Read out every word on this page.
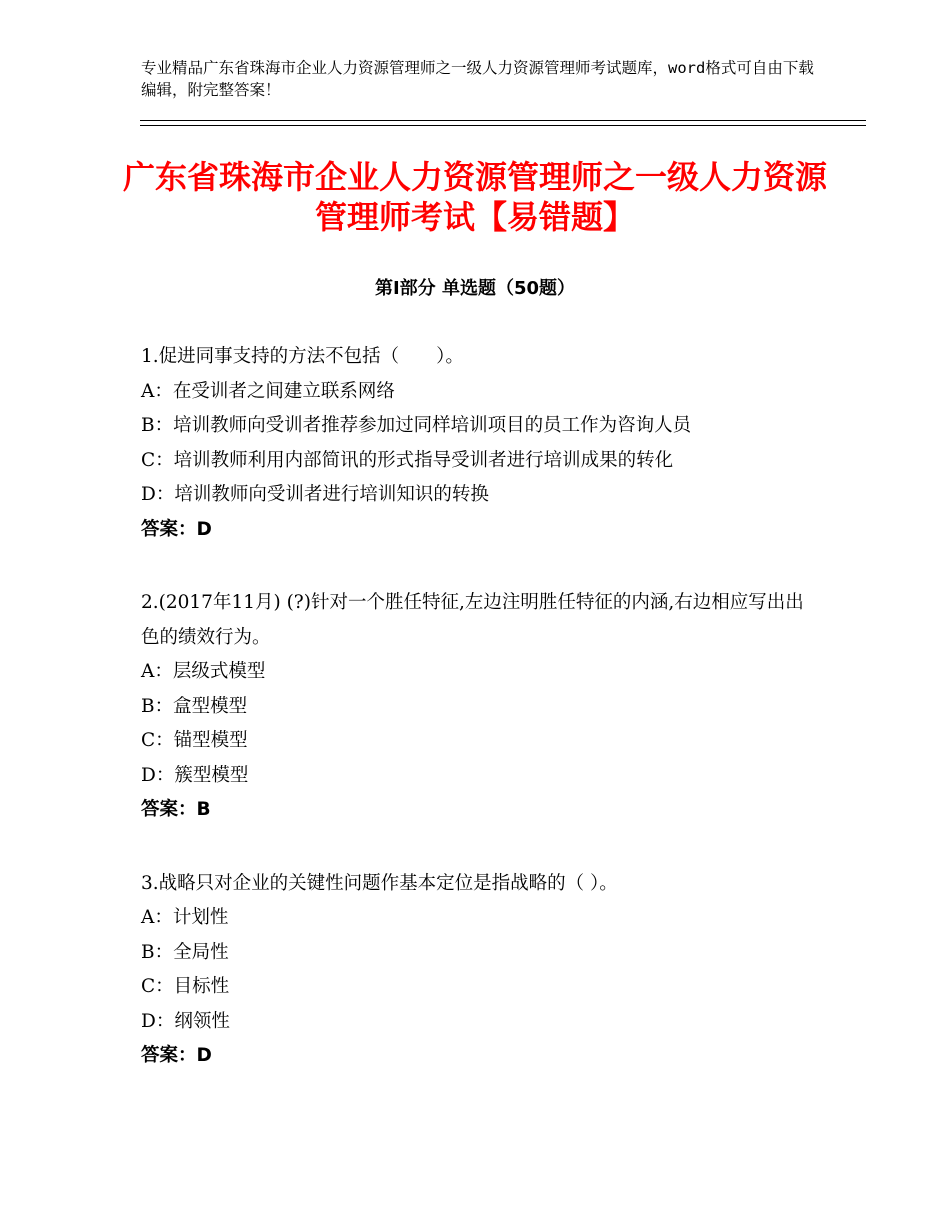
专业精品广东省珠海市企业人力资源管理师之一级人力资源管理师考试题库，word格式可自由下载编辑，附完整答案！
广东省珠海市企业人力资源管理师之一级人力资源管理师考试【易错题】
第Ⅰ部分 单选题（50题）
1.促进同事支持的方法不包括（　　）。
A：在受训者之间建立联系网络
B：培训教师向受训者推荐参加过同样培训项目的员工作为咨询人员
C：培训教师利用内部简讯的形式指导受训者进行培训成果的转化
D：培训教师向受训者进行培训知识的转换
答案：D
2.(2017年11月) (?)针对一个胜任特征,左边注明胜任特征的内涵,右边相应写出出色的绩效行为。
A：层级式模型
B：盒型模型
C：锚型模型
D：簇型模型
答案：B
3.战略只对企业的关键性问题作基本定位是指战略的（ ）。
A：计划性
B：全局性
C：目标性
D：纲领性
答案：D
